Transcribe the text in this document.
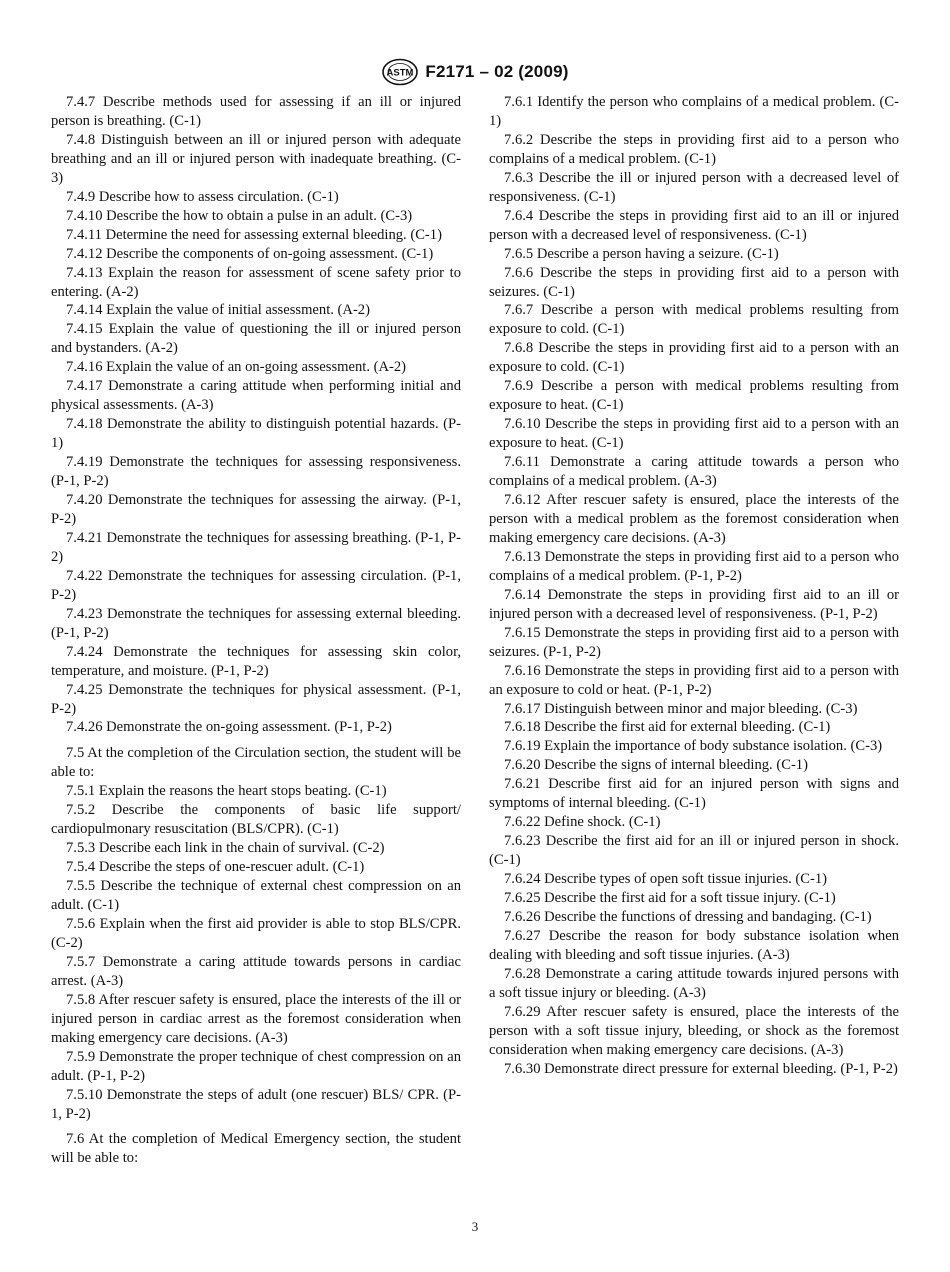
ASTM F2171 – 02 (2009)

7.4.7 Describe methods used for assessing if an ill or injured person is breathing. (C-1)

7.4.8 Distinguish between an ill or injured person with adequate breathing and an ill or injured person with inadequate breathing. (C-3)

7.4.9 Describe how to assess circulation. (C-1)

7.4.10 Describe the how to obtain a pulse in an adult. (C-3)

7.4.11 Determine the need for assessing external bleeding. (C-1)

7.4.12 Describe the components of on-going assessment. (C-1)

7.4.13 Explain the reason for assessment of scene safety prior to entering. (A-2)

7.4.14 Explain the value of initial assessment. (A-2)

7.4.15 Explain the value of questioning the ill or injured person and bystanders. (A-2)

7.4.16 Explain the value of an on-going assessment. (A-2)

7.4.17 Demonstrate a caring attitude when performing initial and physical assessments. (A-3)

7.4.18 Demonstrate the ability to distinguish potential hazards. (P-1)

7.4.19 Demonstrate the techniques for assessing responsiveness. (P-1, P-2)

7.4.20 Demonstrate the techniques for assessing the airway. (P-1, P-2)

7.4.21 Demonstrate the techniques for assessing breathing. (P-1, P-2)

7.4.22 Demonstrate the techniques for assessing circulation. (P-1, P-2)

7.4.23 Demonstrate the techniques for assessing external bleeding. (P-1, P-2)

7.4.24 Demonstrate the techniques for assessing skin color, temperature, and moisture. (P-1, P-2)

7.4.25 Demonstrate the techniques for physical assessment. (P-1, P-2)

7.4.26 Demonstrate the on-going assessment. (P-1, P-2)

7.5 At the completion of the Circulation section, the student will be able to:

7.5.1 Explain the reasons the heart stops beating. (C-1)

7.5.2 Describe the components of basic life support/ cardiopulmonary resuscitation (BLS/CPR). (C-1)

7.5.3 Describe each link in the chain of survival. (C-2)

7.5.4 Describe the steps of one-rescuer adult. (C-1)

7.5.5 Describe the technique of external chest compression on an adult. (C-1)

7.5.6 Explain when the first aid provider is able to stop BLS/CPR. (C-2)

7.5.7 Demonstrate a caring attitude towards persons in cardiac arrest. (A-3)

7.5.8 After rescuer safety is ensured, place the interests of the ill or injured person in cardiac arrest as the foremost consideration when making emergency care decisions. (A-3)

7.5.9 Demonstrate the proper technique of chest compression on an adult. (P-1, P-2)

7.5.10 Demonstrate the steps of adult (one rescuer) BLS/ CPR. (P-1, P-2)

7.6 At the completion of Medical Emergency section, the student will be able to:

7.6.1 Identify the person who complains of a medical problem. (C-1)

7.6.2 Describe the steps in providing first aid to a person who complains of a medical problem. (C-1)

7.6.3 Describe the ill or injured person with a decreased level of responsiveness. (C-1)

7.6.4 Describe the steps in providing first aid to an ill or injured person with a decreased level of responsiveness. (C-1)

7.6.5 Describe a person having a seizure. (C-1)

7.6.6 Describe the steps in providing first aid to a person with seizures. (C-1)

7.6.7 Describe a person with medical problems resulting from exposure to cold. (C-1)

7.6.8 Describe the steps in providing first aid to a person with an exposure to cold. (C-1)

7.6.9 Describe a person with medical problems resulting from exposure to heat. (C-1)

7.6.10 Describe the steps in providing first aid to a person with an exposure to heat. (C-1)

7.6.11 Demonstrate a caring attitude towards a person who complains of a medical problem. (A-3)

7.6.12 After rescuer safety is ensured, place the interests of the person with a medical problem as the foremost consideration when making emergency care decisions. (A-3)

7.6.13 Demonstrate the steps in providing first aid to a person who complains of a medical problem. (P-1, P-2)

7.6.14 Demonstrate the steps in providing first aid to an ill or injured person with a decreased level of responsiveness. (P-1, P-2)

7.6.15 Demonstrate the steps in providing first aid to a person with seizures. (P-1, P-2)

7.6.16 Demonstrate the steps in providing first aid to a person with an exposure to cold or heat. (P-1, P-2)

7.6.17 Distinguish between minor and major bleeding. (C-3)

7.6.18 Describe the first aid for external bleeding. (C-1)

7.6.19 Explain the importance of body substance isolation. (C-3)

7.6.20 Describe the signs of internal bleeding. (C-1)

7.6.21 Describe first aid for an injured person with signs and symptoms of internal bleeding. (C-1)

7.6.22 Define shock. (C-1)

7.6.23 Describe the first aid for an ill or injured person in shock. (C-1)

7.6.24 Describe types of open soft tissue injuries. (C-1)

7.6.25 Describe the first aid for a soft tissue injury. (C-1)

7.6.26 Describe the functions of dressing and bandaging. (C-1)

7.6.27 Describe the reason for body substance isolation when dealing with bleeding and soft tissue injuries. (A-3)

7.6.28 Demonstrate a caring attitude towards injured persons with a soft tissue injury or bleeding. (A-3)

7.6.29 After rescuer safety is ensured, place the interests of the person with a soft tissue injury, bleeding, or shock as the foremost consideration when making emergency care decisions. (A-3)

7.6.30 Demonstrate direct pressure for external bleeding. (P-1, P-2)

3
